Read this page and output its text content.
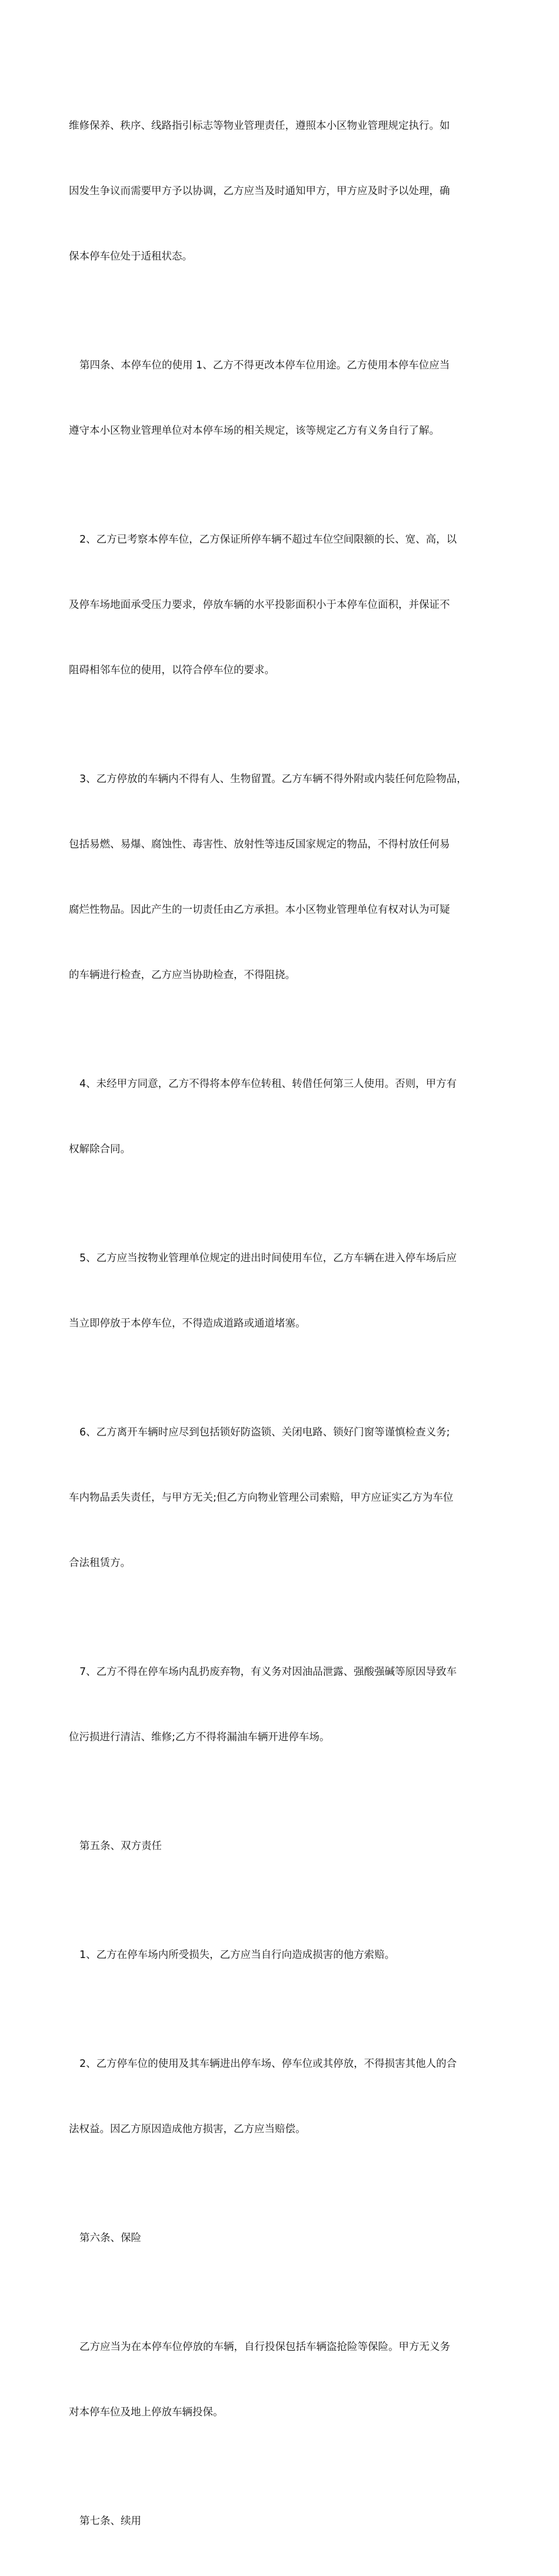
维修保养、秩序、线路指引标志等物业管理责任，遵照本小区物业管理规定执行。如

因发生争议而需要甲方予以协调，乙方应当及时通知甲方，甲方应及时予以处理，确

保本停车位处于适租状态。

第四条、本停车位的使用 1、乙方不得更改本停车位用途。乙方使用本停车位应当

遵守本小区物业管理单位对本停车场的相关规定，该等规定乙方有义务自行了解。

2、乙方已考察本停车位，乙方保证所停车辆不超过车位空间限额的长、宽、高，以

及停车场地面承受压力要求，停放车辆的水平投影面积小于本停车位面积，并保证不

阻碍相邻车位的使用，以符合停车位的要求。

3、乙方停放的车辆内不得有人、生物留置。乙方车辆不得外附或内装任何危险物品，

包括易燃、易爆、腐蚀性、毒害性、放射性等违反国家规定的物品，不得村放任何易

腐烂性物品。因此产生的一切责任由乙方承担。本小区物业管理单位有权对认为可疑

的车辆进行检查，乙方应当协助检查，不得阻挠。

4、未经甲方同意，乙方不得将本停车位转租、转借任何第三人使用。否则，甲方有

权解除合同。

5、乙方应当按物业管理单位规定的进出时间使用车位，乙方车辆在进入停车场后应

当立即停放于本停车位，不得造成道路或通道堵塞。

6、乙方离开车辆时应尽到包括锁好防盗锁、关闭电路、锁好门窗等谨慎检查义务;

车内物品丢失责任，与甲方无关;但乙方向物业管理公司索赔，甲方应证实乙方为车位

合法租赁方。

7、乙方不得在停车场内乱扔废弃物，有义务对因油品泄露、强酸强碱等原因导致车

位污损进行清洁、维修;乙方不得将漏油车辆开进停车场。

第五条、双方责任

1、乙方在停车场内所受损失，乙方应当自行向造成损害的他方索赔。

2、乙方停车位的使用及其车辆进出停车场、停车位或其停放，不得损害其他人的合

法权益。因乙方原因造成他方损害，乙方应当赔偿。

第六条、保险

乙方应当为在本停车位停放的车辆，自行投保包括车辆盗抢险等保险。甲方无义务

对本停车位及地上停放车辆投保。

第七条、续用
